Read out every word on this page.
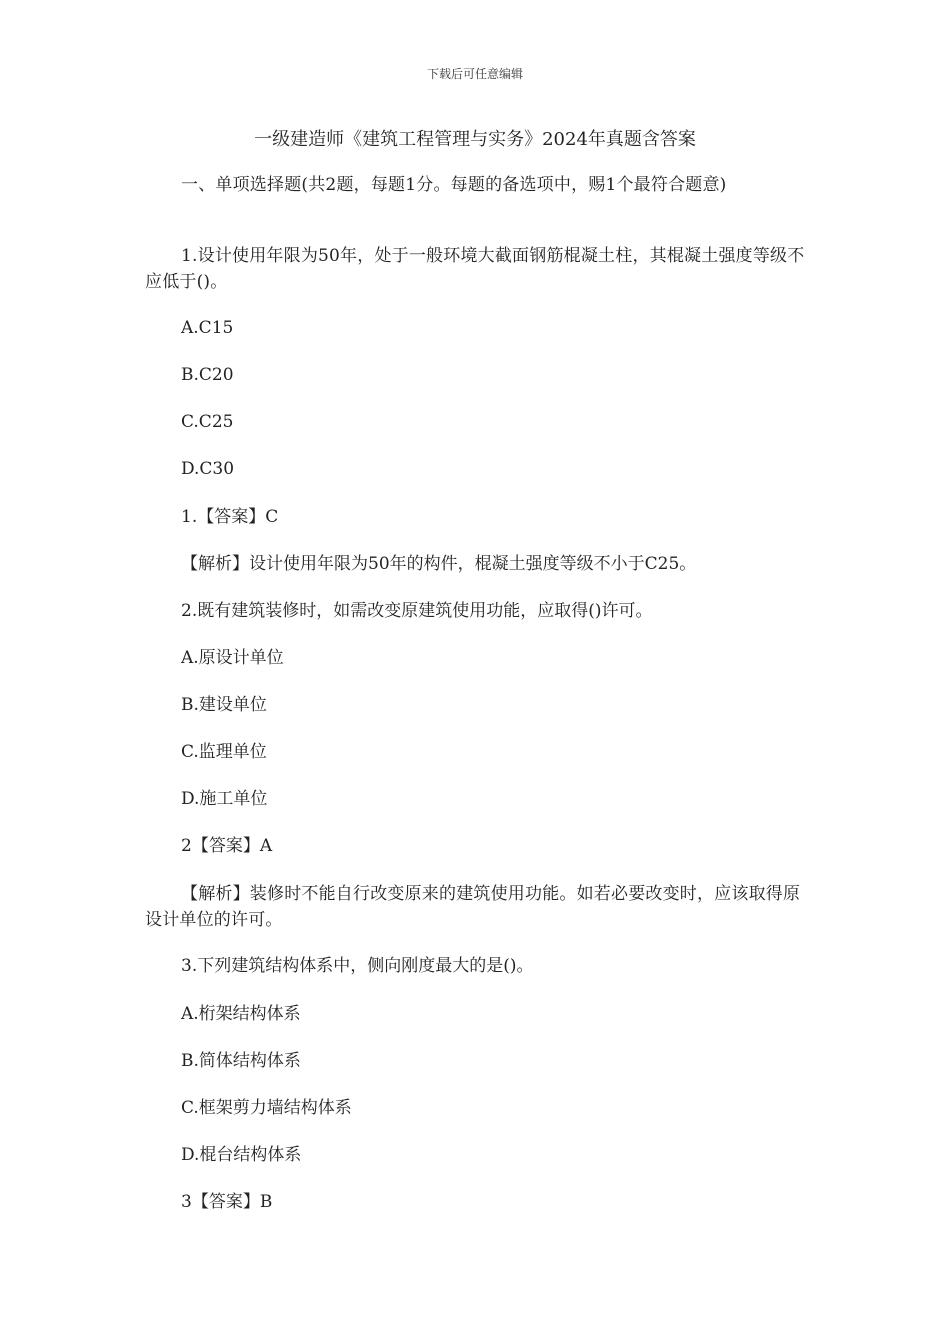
下载后可任意编辑
一级建造师《建筑工程管理与实务》2024年真题含答案
一、单项选择题(共2题，每题1分。每题的备选项中，赐1个最符合题意)
1.设计使用年限为50年，处于一般环境大截面钢筋棍凝土柱，其棍凝土强度等级不应低于()。
A.C15
B.C20
C.C25
D.C30
1.【答案】C
【解析】设计使用年限为50年的构件，棍凝土强度等级不小于C25。
2.既有建筑装修时，如需改变原建筑使用功能，应取得()许可。
A.原设计单位
B.建设单位
C.监理单位
D.施工单位
2【答案】A
【解析】装修时不能自行改变原来的建筑使用功能。如若必要改变时，应该取得原设计单位的许可。
3.下列建筑结构体系中，侧向刚度最大的是()。
A.桁架结构体系
B.简体结构体系
C.框架剪力墙结构体系
D.棍台结构体系
3【答案】B
